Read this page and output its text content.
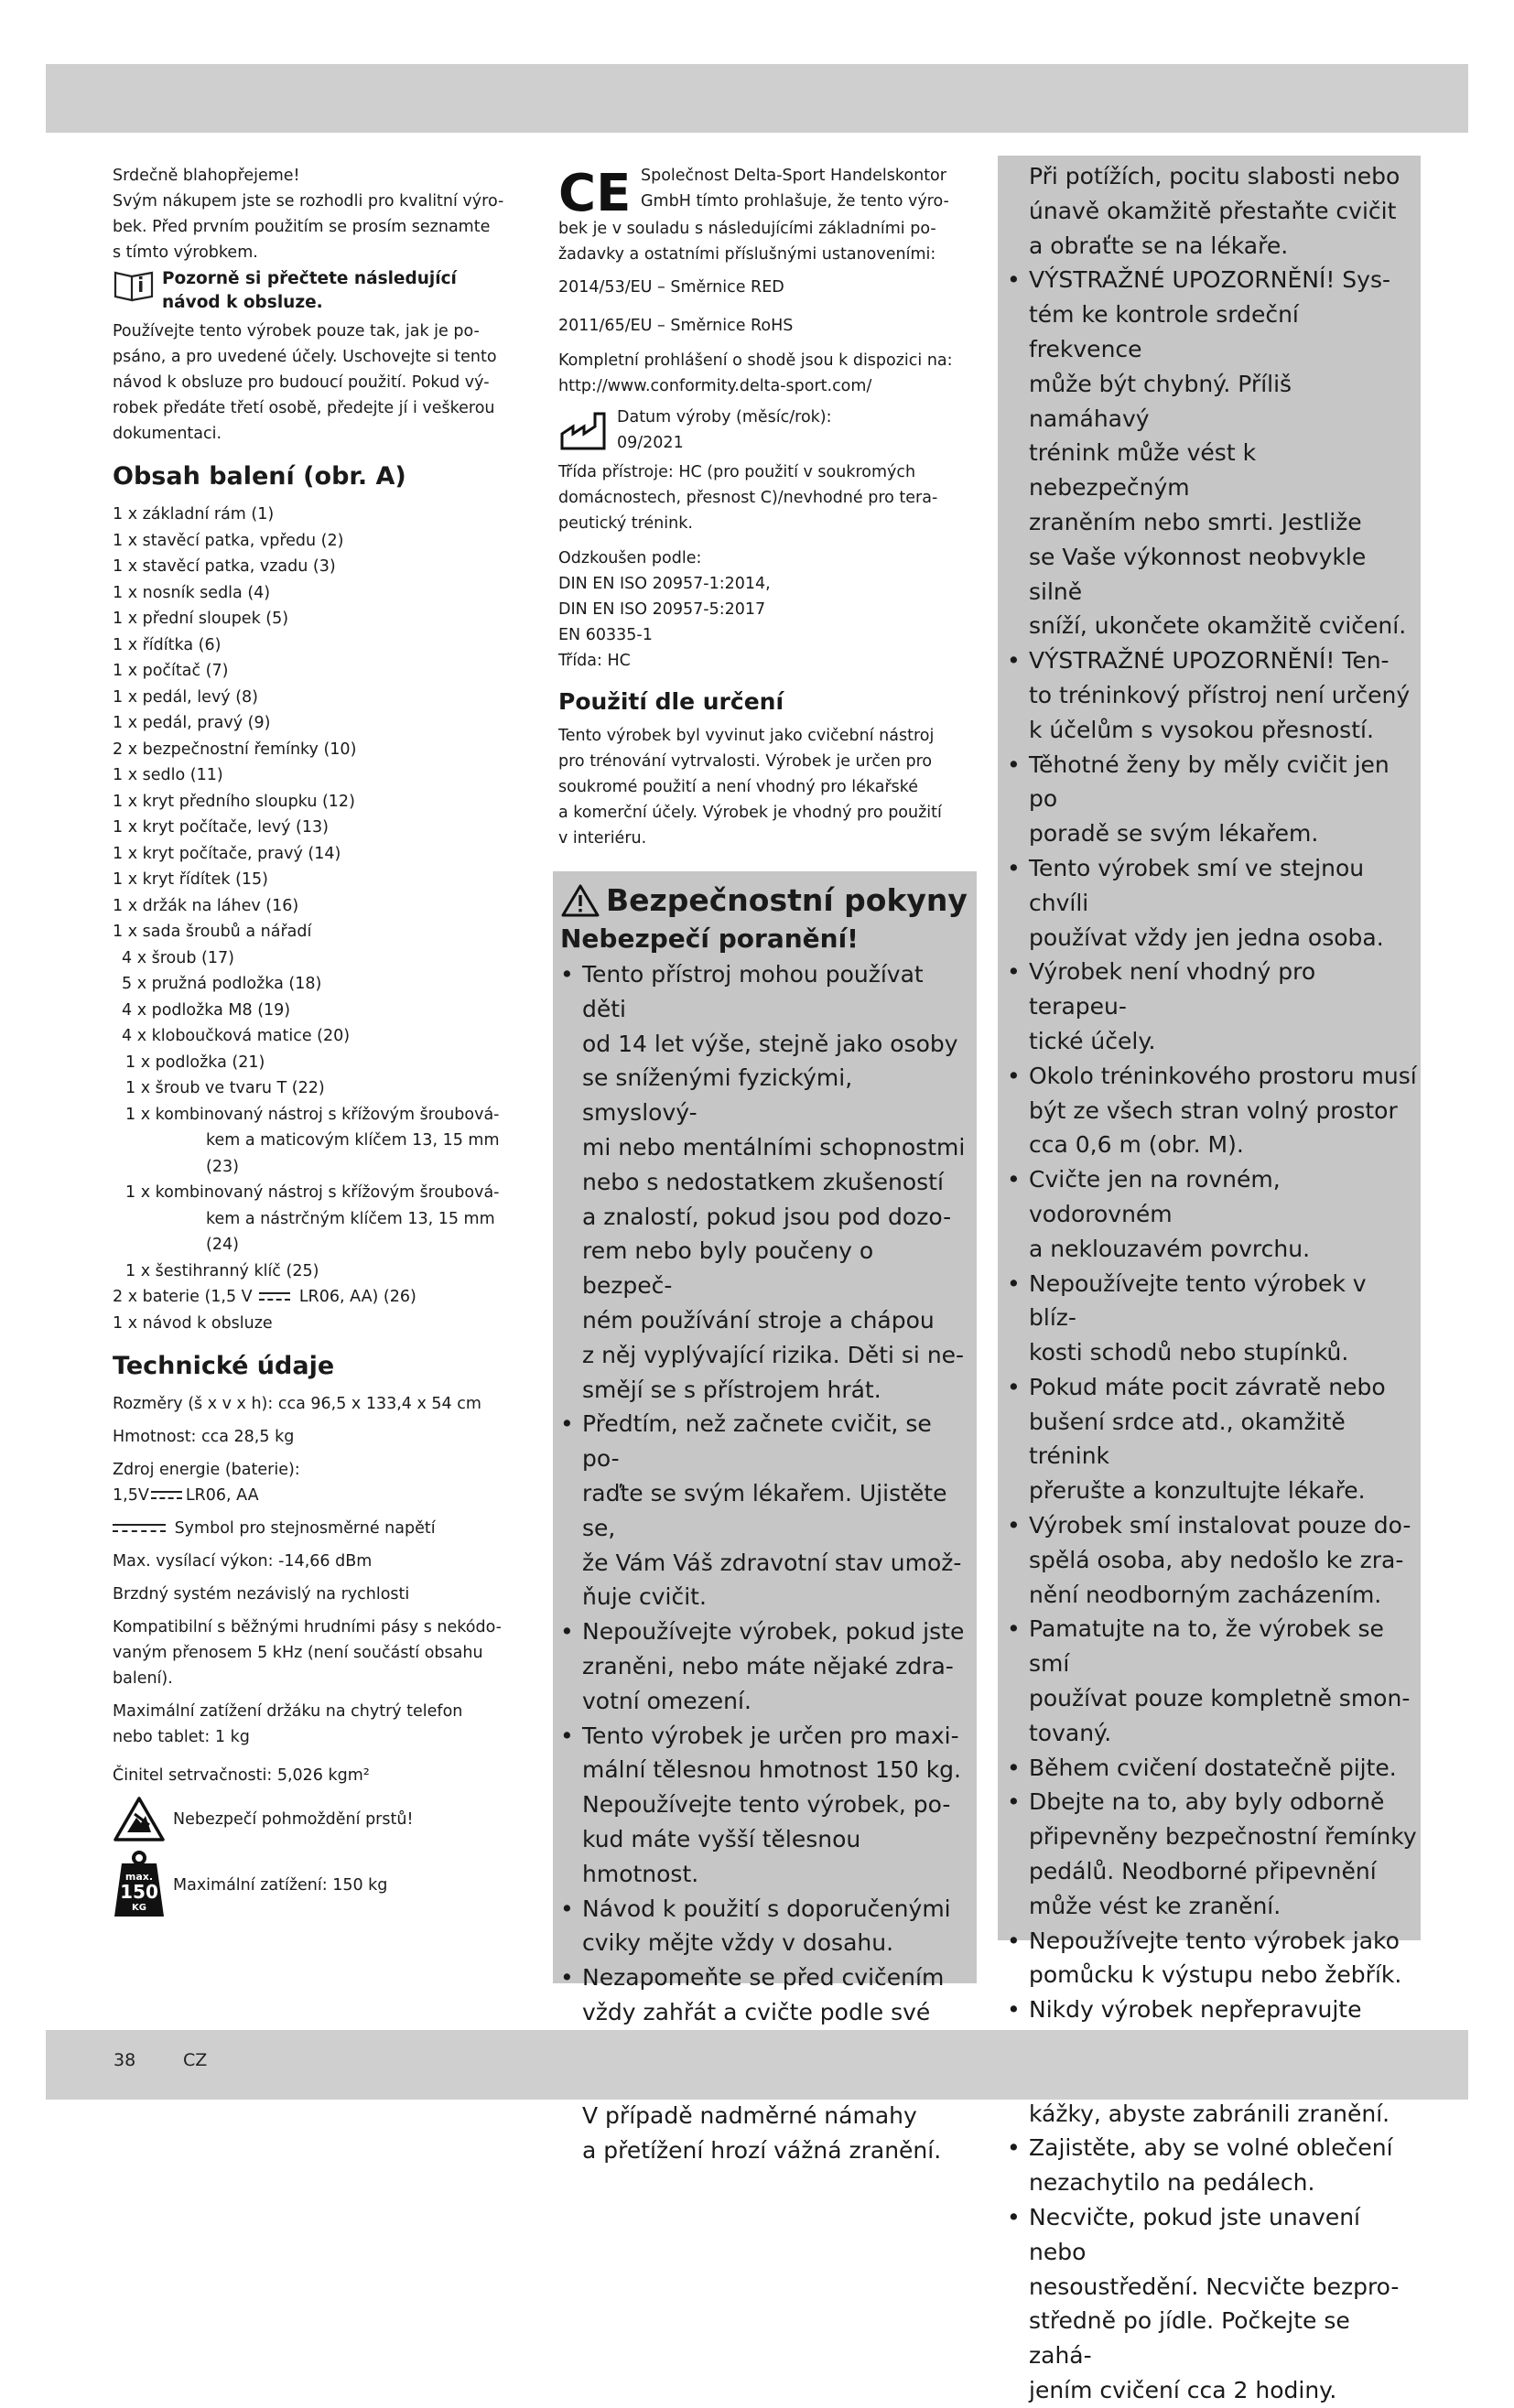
Srdečně blahopřejeme!

Svým nákupem jste se rozhodli pro kvalitní výro-

bek. Před prvním použitím se prosím seznamte

s tímto výrobkem.

Pozorně si přečtete následující
návod k obsluze.

Používejte tento výrobek pouze tak, jak je po-

psáno, a pro uvedené účely. Uschovejte si tento

návod k obsluze pro budoucí použití. Pokud vý-

robek předáte třetí osobě, předejte jí i veškerou

dokumentaci.

Obsah balení (obr. A)

1 x základní rám (1)

1 x stavěcí patka, vpředu (2)

1 x stavěcí patka, vzadu (3)

1 x nosník sedla (4)

1 x přední sloupek (5)

1 x řídítka (6)

1 x počítač (7)

1 x pedál, levý (8)

1 x pedál, pravý (9)

2 x bezpečnostní řemínky (10)

1 x sedlo (11)

1 x kryt předního sloupku (12)

1 x kryt počítače, levý (13)

1 x kryt počítače, pravý (14)

1 x kryt řídítek (15)

1 x držák na láhev (16)

1 x sada šroubů a nářadí

4 x šroub (17)

5 x pružná podložka (18)

4 x podložka M8 (19)

4 x kloboučková matice (20)

1 x podložka (21)

1 x šroub ve tvaru T (22)

1 x kombinovaný nástroj s křížovým šroubová-
kem a maticovým klíčem 13, 15 mm (23)

1 x kombinovaný nástroj s křížovým šroubová-
kem a nástrčným klíčem 13, 15 mm (24)

1 x šestihranný klíč (25)

2 x baterie (1,5 V	LR06, AA) (26)

1 x návod k obsluze

Technické údaje

Rozměry (š x v x h): cca 96,5 x 133,4 x 54 cm

Hmotnost: cca 28,5 kg

Zdroj energie (baterie):

1,5V LR06, AA

Symbol pro stejnosměrné napětí

Max. vysílací výkon: -14,66 dBm

Brzdný systém nezávislý na rychlosti

Kompatibilní s běžnými hrudními pásy s nekódo-

vaným přenosem 5 kHz (není součástí obsahu

balení).

Maximální zatížení držáku na chytrý telefon

nebo tablet: 1 kg

Činitel setrvačnosti: 5,026 kgm²

Nebezpečí pohmoždění prstů!
max.
150
KG
Maximální zatížení: 150 kg
CE Společnost Delta-Sport Handelskontor

GmbH tímto prohlašuje, že tento výro-

bek je v souladu s následujícími základními po-

žadavky a ostatními příslušnými ustanoveními:

2014/53/EU – Směrnice RED

2011/65/EU – Směrnice RoHS

Kompletní prohlášení o shodě jsou k dispozici na:

http://www.conformity.delta-sport.com/

Datum výroby (měsíc/rok):
09/2021

Třída přístroje: HC (pro použití v soukromých

domácnostech, přesnost C)/nevhodné pro tera-

peutický trénink.

Odzkoušen podle:

DIN EN ISO 20957-1:2014,

DIN EN ISO 20957-5:2017

EN 60335-1

Třída: HC

Použití dle určení

Tento výrobek byl vyvinut jako cvičební nástroj

pro trénování vytrvalosti. Výrobek je určen pro

soukromé použití a není vhodný pro lékařské

a komerční účely. Výrobek je vhodný pro použití

v interiéru.

Bezpečnostní pokyny
Nebezpečí poranění!
• Tento přístroj mohou používat děti
od 14 let výše, stejně jako osoby
se sníženými fyzickými, smyslový-
mi nebo mentálními schopnostmi
nebo s nedostatkem zkušeností
a znalostí, pokud jsou pod dozo-
rem nebo byly poučeny o bezpeč-
ném používání stroje a chápou
z něj vyplývající rizika. Děti si ne-
smějí se s přístrojem hrát.
• Předtím, než začnete cvičit, se po-
raďte se svým lékařem. Ujistěte se,
že Vám Váš zdravotní stav umož-
ňuje cvičit.
• Nepoužívejte výrobek, pokud jste
zraněni, nebo máte nějaké zdra-
votní omezení.
• Tento výrobek je určen pro maxi-
mální tělesnou hmotnost 150 kg.
Nepoužívejte tento výrobek, po-
kud máte vyšší tělesnou hmotnost.
• Návod k použití s doporučenými
cviky mějte vždy v dosahu.
• Nezapomeňte se před cvičením
vždy zahřát a cvičte podle své
V případě nadměrné námahy
a přetížení hrozí vážná zranění.
Při potížích, pocitu slabosti nebo
únavě okamžitě přestaňte cvičit
a obraťte se na lékaře.
• VÝSTRAŽNÉ UPOZORNĚNÍ! Sys-
tém ke kontrole srdeční frekvence
může být chybný. Příliš namáhavý
trénink může vést k nebezpečným
zraněním nebo smrti. Jestliže
se Vaše výkonnost neobvykle silně
sníží, ukončete okamžitě cvičení.
• VÝSTRAŽNÉ UPOZORNĚNÍ! Ten-
to tréninkový přístroj není určený
k účelům s vysokou přesností.
• Těhotné ženy by měly cvičit jen po
poradě se svým lékařem.
• Tento výrobek smí ve stejnou chvíli
používat vždy jen jedna osoba.
• Výrobek není vhodný pro terapeu-
tické účely.
• Okolo tréninkového prostoru musí
být ze všech stran volný prostor
cca 0,6 m (obr. M).
• Cvičte jen na rovném, vodorovném
a neklouzavém povrchu.
• Nepoužívejte tento výrobek v blíz-
kosti schodů nebo stupínků.
• Pokud máte pocit závratě nebo
bušení srdce atd., okamžitě trénink
přerušte a konzultujte lékaře.
• Výrobek smí instalovat pouze do-
spělá osoba, aby nedošlo ke zra-
nění neodborným zacházením.
• Pamatujte na to, že výrobek se smí
používat pouze kompletně smon-
tovaný.
• Během cvičení dostatečně pijte.
• Dbejte na to, aby byly odborně
připevněny bezpečnostní řemínky
pedálů. Neodborné připevnění
může vést ke zranění.
• Nepoužívejte tento výrobek jako
pomůcku k výstupu nebo žebřík.
• Nikdy výrobek nepřepravujte
kážky, abyste zabránili zranění.
• Zajistěte, aby se volné oblečení
nezachytilo na pedálech.
• Necvičte, pokud jste unavení nebo
nesoustředění. Necvičte bezpro-
středně po jídle. Počkejte se zahá-
jením cvičení cca 2 hodiny.
38	CZ
